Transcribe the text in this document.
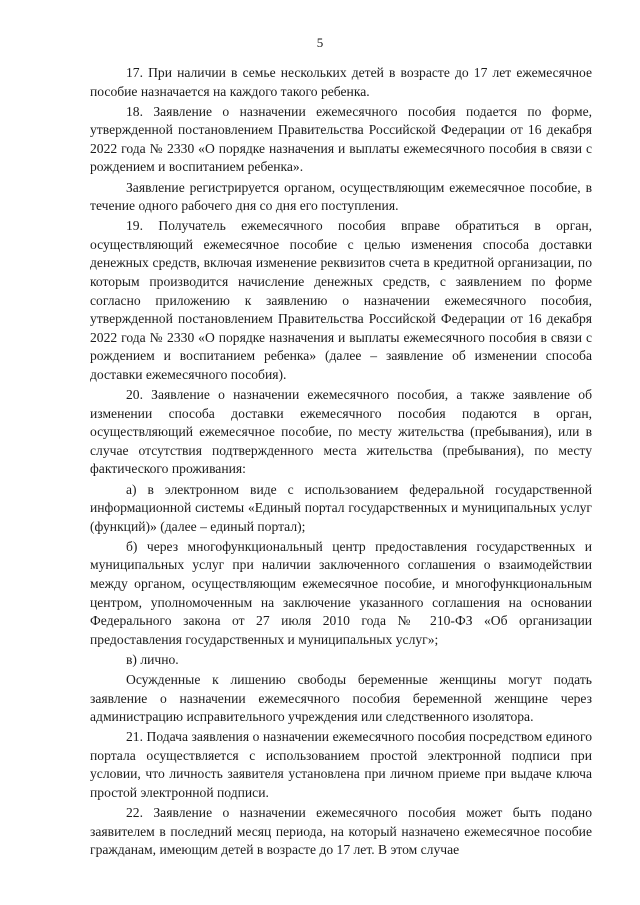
5

17. При наличии в семье нескольких детей в возрасте до 17 лет ежемесячное пособие назначается на каждого такого ребенка.

18. Заявление о назначении ежемесячного пособия подается по форме, утвержденной постановлением Правительства Российской Федерации от 16 декабря 2022 года № 2330 «О порядке назначения и выплаты ежемесячного пособия в связи с рождением и воспитанием ребенка».

Заявление регистрируется органом, осуществляющим ежемесячное пособие, в течение одного рабочего дня со дня его поступления.

19. Получатель ежемесячного пособия вправе обратиться в орган, осуществляющий ежемесячное пособие с целью изменения способа доставки денежных средств, включая изменение реквизитов счета в кредитной организации, по которым производится начисление денежных средств, с заявлением по форме согласно приложению к заявлению о назначении ежемесячного пособия, утвержденной постановлением Правительства Российской Федерации от 16 декабря 2022 года № 2330 «О порядке назначения и выплаты ежемесячного пособия в связи с рождением и воспитанием ребенка» (далее – заявление об изменении способа доставки ежемесячного пособия).

20. Заявление о назначении ежемесячного пособия, а также заявление об изменении способа доставки ежемесячного пособия подаются в орган, осуществляющий ежемесячное пособие, по месту жительства (пребывания), или в случае отсутствия подтвержденного места жительства (пребывания), по месту фактического проживания:

а) в электронном виде с использованием федеральной государственной информационной системы «Единый портал государственных и муниципальных услуг (функций)» (далее – единый портал);

б) через многофункциональный центр предоставления государственных и муниципальных услуг при наличии заключенного соглашения о взаимодействии между органом, осуществляющим ежемесячное пособие, и многофункциональным центром, уполномоченным на заключение указанного соглашения на основании Федерального закона от 27 июля 2010 года № 210-ФЗ «Об организации предоставления государственных и муниципальных услуг»;

в) лично.

Осужденные к лишению свободы беременные женщины могут подать заявление о назначении ежемесячного пособия беременной женщине через администрацию исправительного учреждения или следственного изолятора.

21. Подача заявления о назначении ежемесячного пособия посредством единого портала осуществляется с использованием простой электронной подписи при условии, что личность заявителя установлена при личном приеме при выдаче ключа простой электронной подписи.

22. Заявление о назначении ежемесячного пособия может быть подано заявителем в последний месяц периода, на который назначено ежемесячное пособие гражданам, имеющим детей в возрасте до 17 лет. В этом случае
